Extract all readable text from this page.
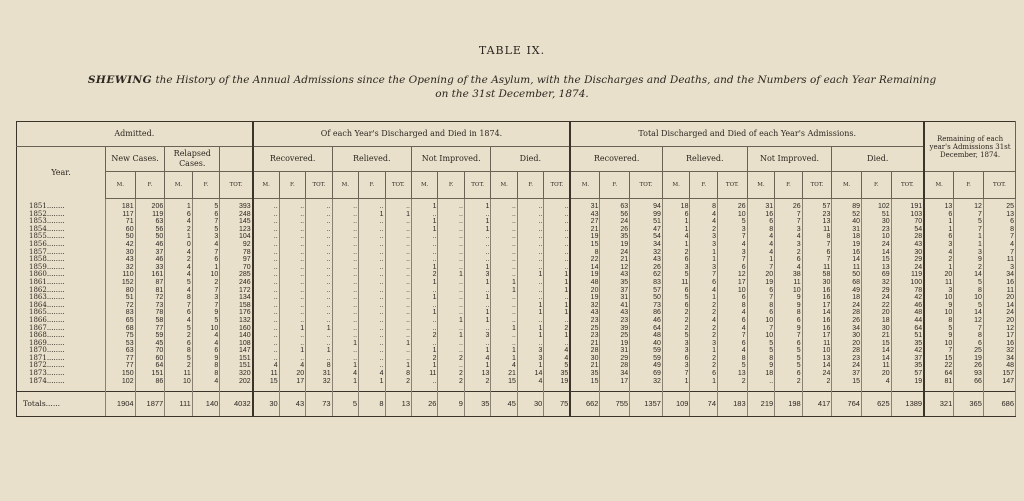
TABLE IX.
SHEWING the History of the Annual Admissions since the Opening of the Asylum, with the Discharges and Deaths, and the Numbers of each Year Remaining
on the 31st December, 1874.
Admitted.						Of each Year's Discharged and Died in 1874.												Total Discharged and Died of each Year's Admissions.												Remaining of each year's Admissions 31st December, 1874.		
Year.	New Cases.		Relapsed Cases.			Recovered.			Relieved.			Not Improved.			Died.			Recovered.			Relieved.			Not Improved.			Died.					
	M.	F.	M.	F.	TOT.	M.	F.	TOT.	M.	F.	TOT.	M.	F.	TOT.	M.	F.	TOT.	M.	F.	TOT.	M.	F.	TOT.	M.	F.	TOT.	M.	F.	TOT.	M.	F.	TOT.
1851........	181	206	1	5	393	..	..	..	..	..	..	1	..	1	..	..	..	31	63	94	18	8	26	31	26	57	89	102	191	13	12	25
1852........	117	119	6	6	248	..	..	..	..	1	1	..	..	..	..	..	..	43	56	99	6	4	10	16	7	23	52	51	103	6	7	13
1853........	71	63	4	7	145	..	..	..	..	..	..	1	..	1	..	..	..	27	24	51	1	4	5	6	7	13	40	30	70	1	5	6
1854........	60	56	2	5	123	..	..	..	..	..	..	1	..	1	..	..	..	21	26	47	1	2	3	8	3	11	31	23	54	1	7	8
1855........	50	50	1	3	104	..	..	..	..	..	..	..	..	..	..	..	..	19	35	54	4	3	7	4	4	8	18	10	28	6	1	7
1856........	42	46	0	4	92	..	..	..	..	..	..	..	..	..	..	..	..	15	19	34	1	3	4	4	3	7	19	24	43	3	1	4
1857........	30	37	4	7	78	..	..	..	..	..	..	..	..	..	..	..	..	8	24	32	2	1	3	4	2	6	16	14	30	4	3	7
1858........	43	46	2	6	97	..	..	..	..	..	..	..	..	..	..	..	..	22	21	43	6	1	7	1	6	7	14	15	29	2	9	11
1859........	32	33	4	1	70	..	..	..	..	..	..	1	..	1	..	..	..	14	12	26	3	3	6	7	4	11	11	13	24	1	2	3
1860........	110	161	4	10	285	..	..	..	..	..	..	2	1	3	..	1	1	19	43	62	5	7	12	20	38	58	50	69	119	20	14	34
1861........	152	87	5	2	246	..	..	..	..	..	..	1	..	1	1	..	1	48	35	83	11	6	17	19	11	30	68	32	100	11	5	16
1862........	80	81	4	7	172	..	..	..	..	..	..	..	..	..	1	..	1	20	37	57	6	4	10	6	10	16	49	29	78	3	8	11
1863........	51	72	8	3	134	..	..	..	..	..	..	1	..	1	..	..	..	19	31	50	5	1	6	7	9	16	18	24	42	10	10	20
1864........	72	73	7	7	158	..	..	..	..	..	..	..	..	..	..	1	1	32	41	73	6	2	8	8	9	17	24	22	46	9	5	14
1865........	83	78	6	9	176	..	..	..	..	..	..	1	..	1	..	1	1	43	43	86	2	2	4	6	8	14	28	20	48	10	14	24
1866........	65	58	4	5	132	..	..	..	..	..	..	..	1	1	..	..	..	23	23	46	2	4	6	10	6	16	26	18	44	8	12	20
1867........	68	77	5	10	160	..	1	1	..	..	..	..	..	..	1	1	2	25	39	64	2	2	4	7	9	16	34	30	64	5	7	12
1868........	75	59	2	4	140	..	..	..	..	..	..	2	1	3	..	1	1	23	25	48	5	2	7	10	7	17	30	21	51	9	8	17
1869........	53	45	6	4	108	..	..	..	1	..	1	..	..	..	..	..	..	21	19	40	3	3	6	5	6	11	20	15	35	10	6	16
1870........	63	70	8	6	147	..	1	1	..	..	..	1	..	1	1	3	4	28	31	59	3	1	4	5	5	10	28	14	42	7	25	32
1871........	77	60	5	9	151	..	..	..	..	..	..	2	2	4	1	3	4	30	29	59	6	2	8	8	5	13	23	14	37	15	19	34
1872........	77	64	2	8	151	4	4	8	1	..	1	1	..	1	4	1	5	21	28	49	3	2	5	9	5	14	24	11	35	22	26	48
1873........	150	151	11	8	320	11	20	31	4	4	8	11	2	13	21	14	35	35	34	69	7	6	13	18	6	24	37	20	57	64	93	157
1874........	102	86	10	4	202	15	17	32	1	1	2	..	2	2	15	4	19	15	17	32	1	1	2	..	2	2	15	4	19	81	66	147

Totals......	1904	1877	111	140	4032	30	43	73	5	8	13	26	9	35	45	30	75	662	755	1357	109	74	183	219	198	417	764	625	1389	321	365	686
